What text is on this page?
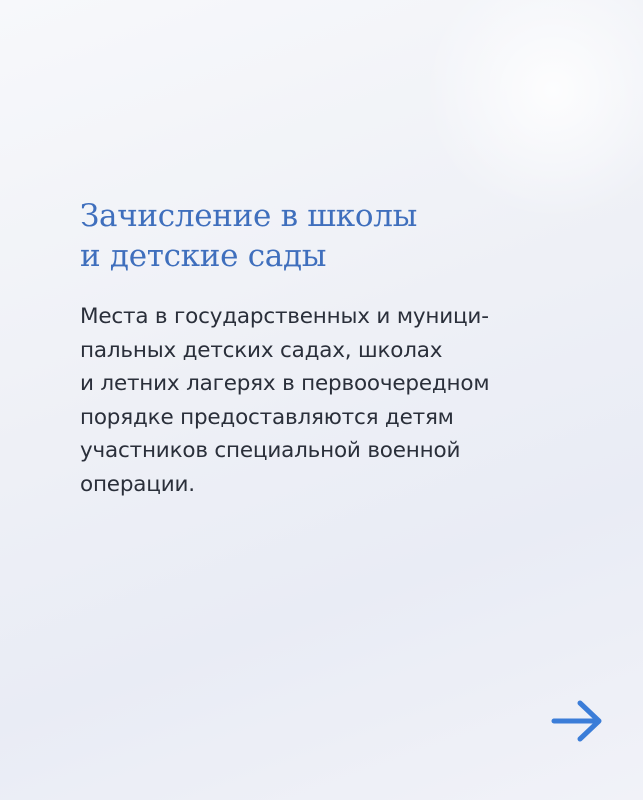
Зачисление в школы
и детские сады

Места в государственных и муници-
пальных детских садах, школах
и летних лагерях в первоочередном
порядке предоставляются детям
участников специальной военной
операции.
